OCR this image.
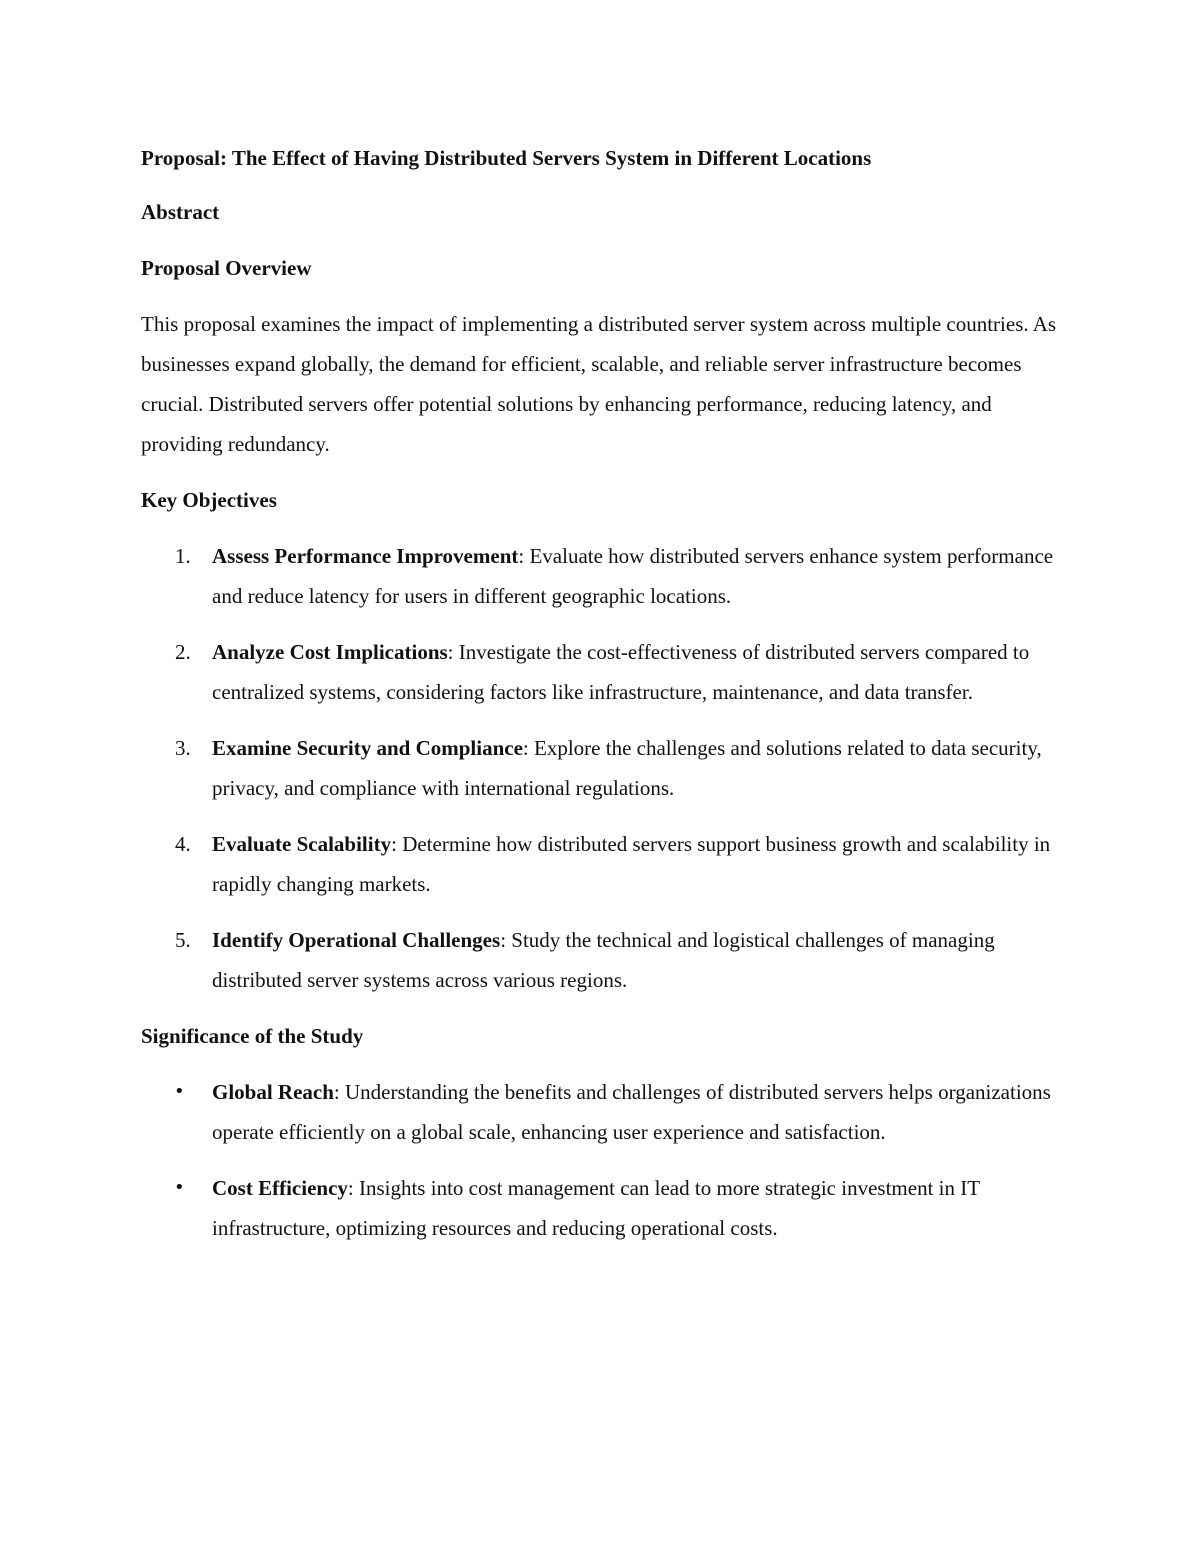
Proposal: The Effect of Having Distributed Servers System in Different Locations
Abstract
Proposal Overview
This proposal examines the impact of implementing a distributed server system across multiple countries. As businesses expand globally, the demand for efficient, scalable, and reliable server infrastructure becomes crucial. Distributed servers offer potential solutions by enhancing performance, reducing latency, and providing redundancy.
Key Objectives
1. Assess Performance Improvement: Evaluate how distributed servers enhance system performance and reduce latency for users in different geographic locations.
2. Analyze Cost Implications: Investigate the cost-effectiveness of distributed servers compared to centralized systems, considering factors like infrastructure, maintenance, and data transfer.
3. Examine Security and Compliance: Explore the challenges and solutions related to data security, privacy, and compliance with international regulations.
4. Evaluate Scalability: Determine how distributed servers support business growth and scalability in rapidly changing markets.
5. Identify Operational Challenges: Study the technical and logistical challenges of managing distributed server systems across various regions.
Significance of the Study
• Global Reach: Understanding the benefits and challenges of distributed servers helps organizations operate efficiently on a global scale, enhancing user experience and satisfaction.
• Cost Efficiency: Insights into cost management can lead to more strategic investment in IT infrastructure, optimizing resources and reducing operational costs.
